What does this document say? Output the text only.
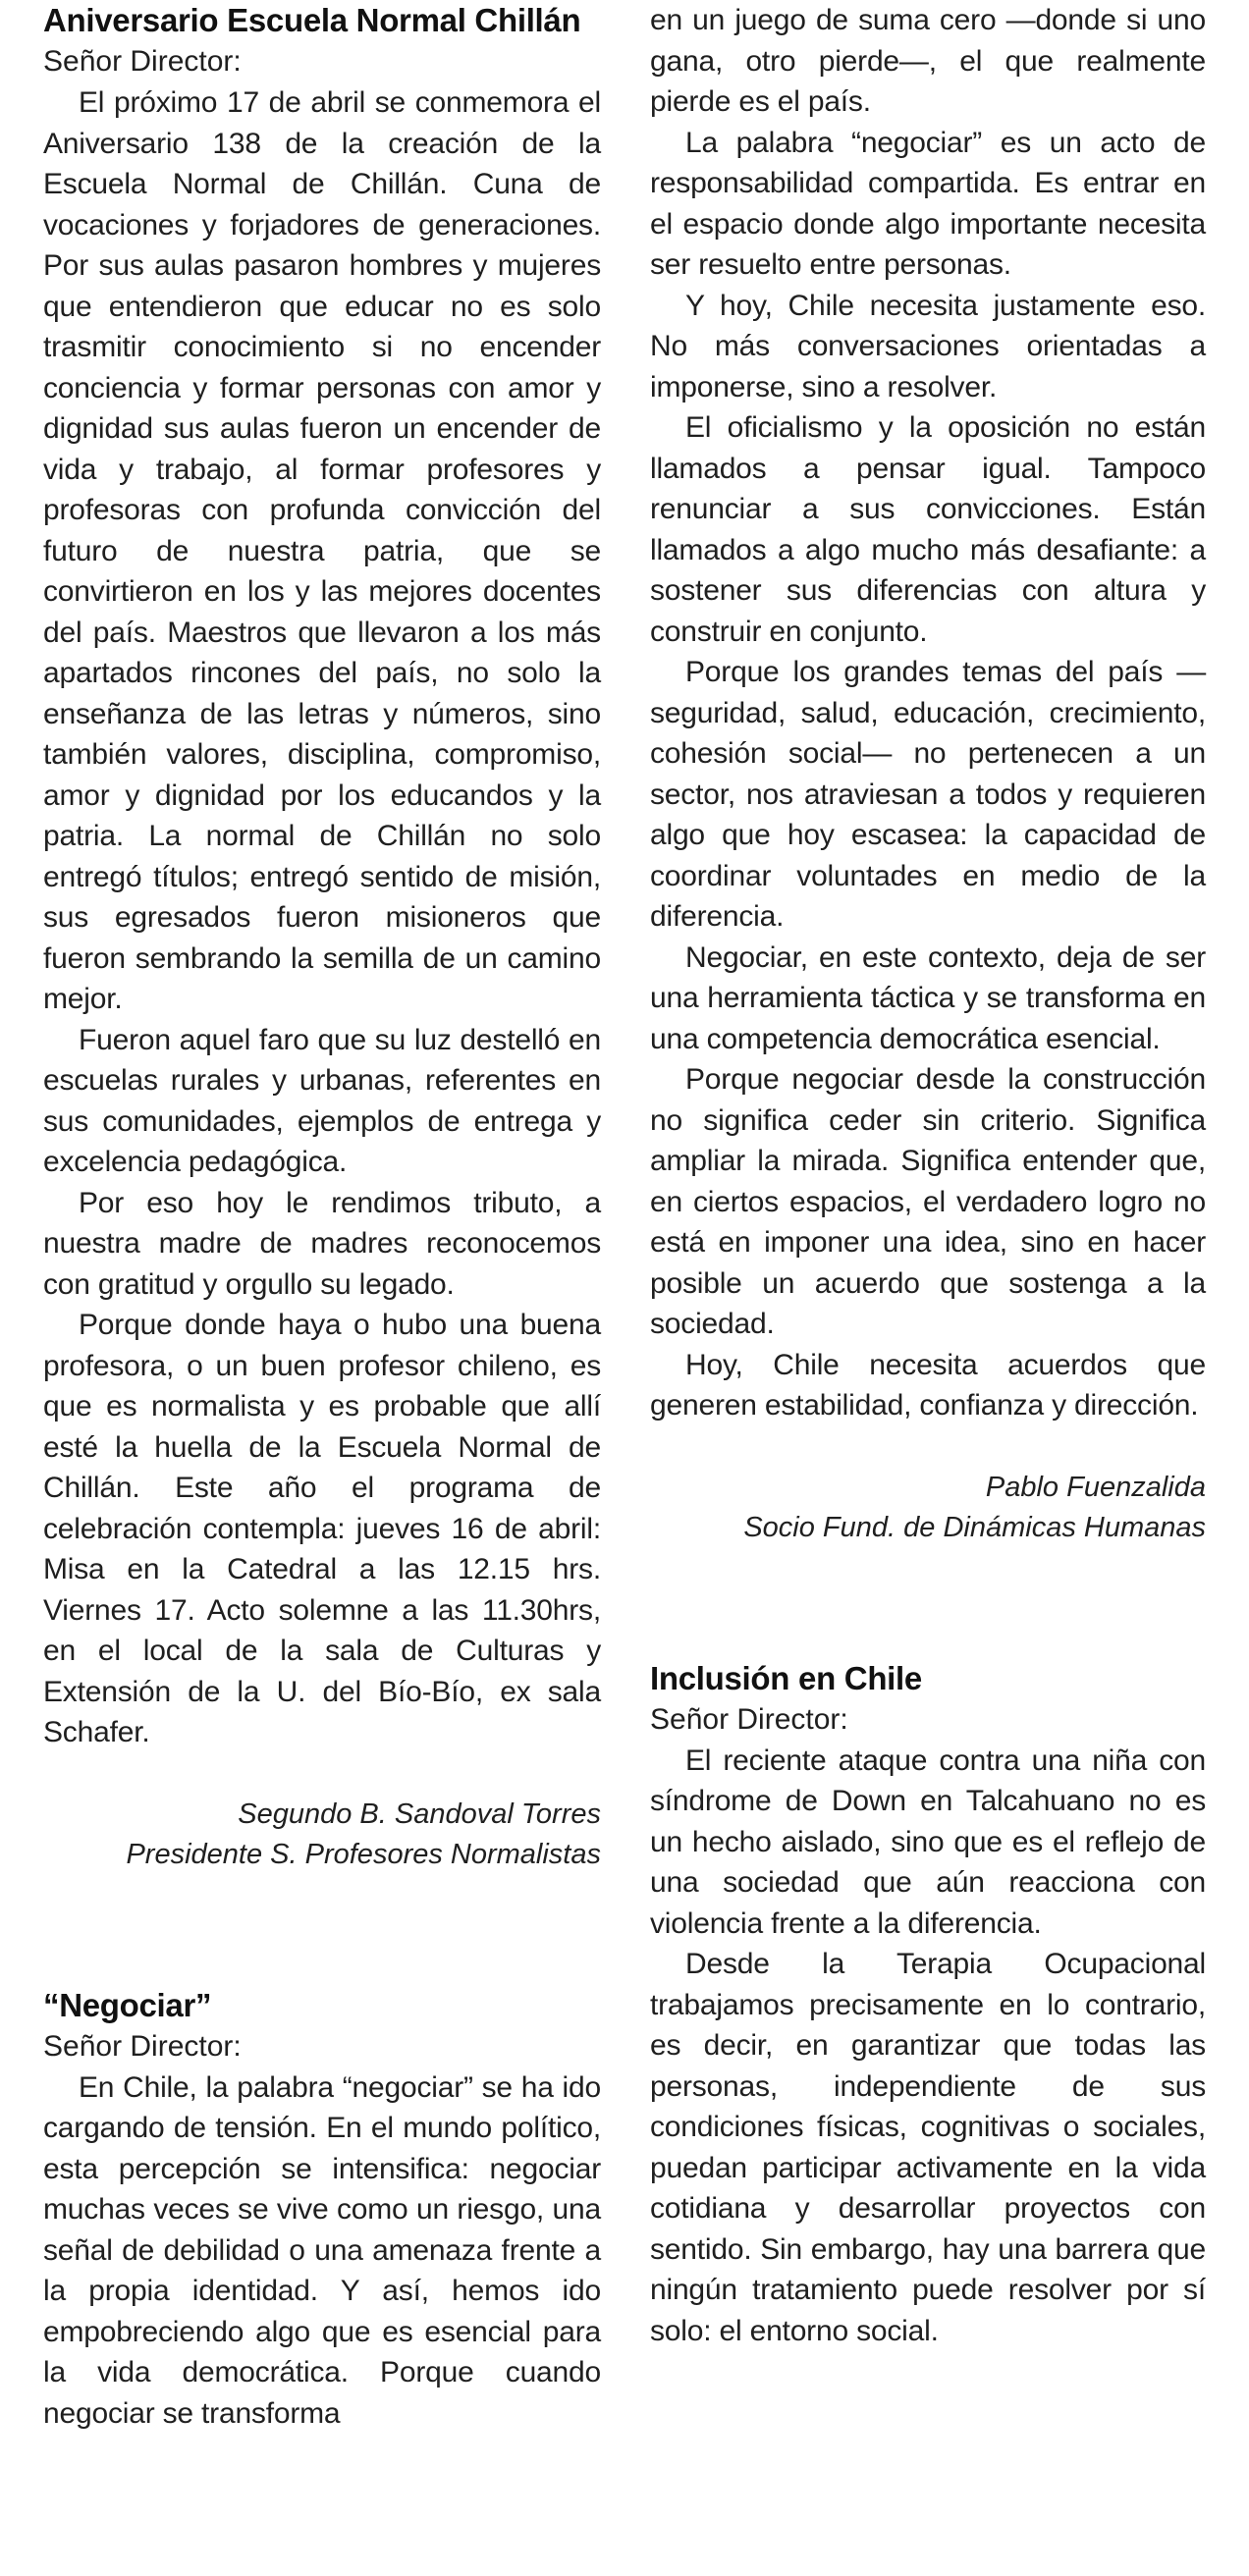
Aniversario Escuela Normal Chillán

Señor Director:

El próximo 17 de abril se conmemora el Aniversario 138 de la creación de la Escuela Normal de Chillán. Cuna de vocaciones y forjadores de generaciones. Por sus aulas pasaron hombres y mujeres que entendieron que educar no es solo trasmitir conocimiento si no encender conciencia y formar personas con amor y dignidad sus aulas fueron un encender de vida y trabajo, al formar profesores y profesoras con profunda convicción del futuro de nuestra patria, que se convirtieron en los y las mejores docentes del país. Maestros que llevaron a los más apartados rincones del país, no solo la enseñanza de las letras y números, sino también valores, disciplina, compromiso, amor y dignidad por los educandos y la patria. La normal de Chillán no solo entregó títulos; entregó sentido de misión, sus egresados fueron misioneros que fueron sembrando la semilla de un camino mejor.

Fueron aquel faro que su luz destelló en escuelas rurales y urbanas, referentes en sus comunidades, ejemplos de entrega y excelencia pedagógica.

Por eso hoy le rendimos tributo, a nuestra madre de madres reconocemos con gratitud y orgullo su legado.

Porque donde haya o hubo una buena profesora, o un buen profesor chileno, es que es normalista y es probable que allí esté la huella de la Escuela Normal de Chillán. Este año el programa de celebración contempla: jueves 16 de abril: Misa en la Catedral a las 12.15 hrs. Viernes 17. Acto solemne a las 11.30hrs, en el local de la sala de Culturas y Extensión de la U. del Bío-Bío, ex sala Schafer.

Segundo B. Sandoval Torres

Presidente S. Profesores Normalistas

“Negociar”

Señor Director:

En Chile, la palabra “negociar” se ha ido cargando de tensión. En el mundo político, esta percepción se intensifica: negociar muchas veces se vive como un riesgo, una señal de debilidad o una amenaza frente a la propia identidad. Y así, hemos ido empobreciendo algo que es esencial para la vida democrática. Porque cuando negociar se transforma

en un juego de suma cero —donde si uno gana, otro pierde—, el que realmente pierde es el país.

La palabra “negociar” es un acto de responsabilidad compartida. Es entrar en el espacio donde algo importante necesita ser resuelto entre personas.

Y hoy, Chile necesita justamente eso. No más conversaciones orientadas a imponerse, sino a resolver.

El oficialismo y la oposición no están llamados a pensar igual. Tampoco renunciar a sus convicciones. Están llamados a algo mucho más desafiante: a sostener sus diferencias con altura y construir en conjunto.

Porque los grandes temas del país —seguridad, salud, educación, crecimiento, cohesión social— no pertenecen a un sector, nos atraviesan a todos y requieren algo que hoy escasea: la capacidad de coordinar voluntades en medio de la diferencia.

Negociar, en este contexto, deja de ser una herramienta táctica y se transforma en una competencia democrática esencial.

Porque negociar desde la construcción no significa ceder sin criterio. Significa ampliar la mirada. Significa entender que, en ciertos espacios, el verdadero logro no está en imponer una idea, sino en hacer posible un acuerdo que sostenga a la sociedad.

Hoy, Chile necesita acuerdos que generen estabilidad, confianza y dirección.

Pablo Fuenzalida

Socio Fund. de Dinámicas Humanas

Inclusión en Chile

Señor Director:

El reciente ataque contra una niña con síndrome de Down en Talcahuano no es un hecho aislado, sino que es el reflejo de una sociedad que aún reacciona con violencia frente a la diferencia.

Desde la Terapia Ocupacional trabajamos precisamente en lo contrario, es decir, en garantizar que todas las personas, independiente de sus condiciones físicas, cognitivas o sociales, puedan participar activamente en la vida cotidiana y desarrollar proyectos con sentido. Sin embargo, hay una barrera que ningún tratamiento puede resolver por sí solo: el entorno social.
